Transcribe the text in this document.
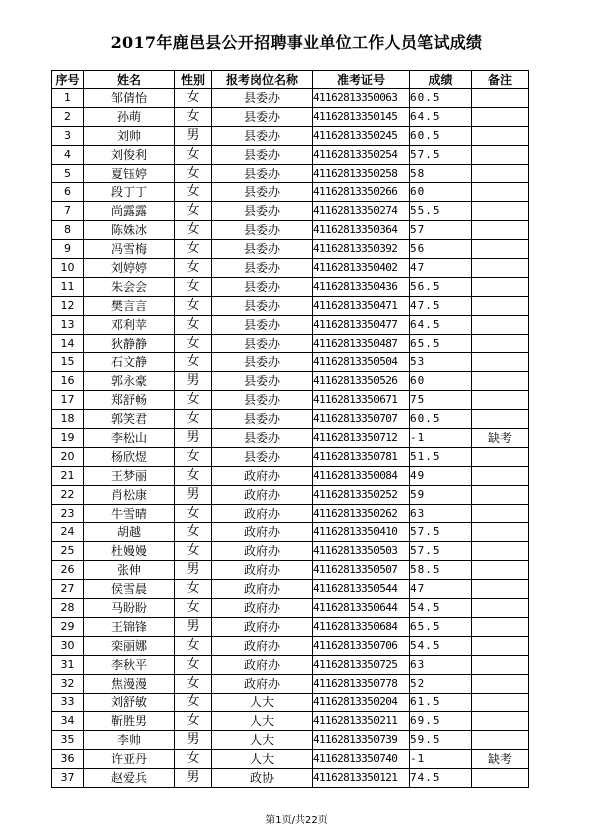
2017年鹿邑县公开招聘事业单位工作人员笔试成绩
序号	姓名	性别	报考岗位名称	准考证号	成绩	备注
1	邹倩怡	女	县委办	41162813350063	60.5	
2	孙萌	女	县委办	41162813350145	64.5	
3	刘帅	男	县委办	41162813350245	60.5	
4	刘俊利	女	县委办	41162813350254	57.5	
5	夏钰婷	女	县委办	41162813350258	58	
6	段丁丁	女	县委办	41162813350266	60	
7	尚露露	女	县委办	41162813350274	55.5	
8	陈姝冰	女	县委办	41162813350364	57	
9	冯雪梅	女	县委办	41162813350392	56	
10	刘婷婷	女	县委办	41162813350402	47	
11	朱会会	女	县委办	41162813350436	56.5	
12	樊言言	女	县委办	41162813350471	47.5	
13	邓利苹	女	县委办	41162813350477	64.5	
14	狄静静	女	县委办	41162813350487	65.5	
15	石文静	女	县委办	41162813350504	53	
16	郭永豪	男	县委办	41162813350526	60	
17	郑舒畅	女	县委办	41162813350671	75	
18	郭笑君	女	县委办	41162813350707	60.5	
19	李松山	男	县委办	41162813350712	-1	缺考
20	杨欣煜	女	县委办	41162813350781	51.5	
21	王梦丽	女	政府办	41162813350084	49	
22	肖松康	男	政府办	41162813350252	59	
23	牛雪晴	女	政府办	41162813350262	63	
24	胡越	女	政府办	41162813350410	57.5	
25	杜嫚嫚	女	政府办	41162813350503	57.5	
26	张伸	男	政府办	41162813350507	58.5	
27	侯雪晨	女	政府办	41162813350544	47	
28	马盼盼	女	政府办	41162813350644	54.5	
29	王锦锋	男	政府办	41162813350684	65.5	
30	栾丽娜	女	政府办	41162813350706	54.5	
31	李秋平	女	政府办	41162813350725	63	
32	焦漫漫	女	政府办	41162813350778	52	
33	刘舒敏	女	人大	41162813350204	61.5	
34	靳胜男	女	人大	41162813350211	69.5	
35	李帅	男	人大	41162813350739	59.5	
36	许亚丹	女	人大	41162813350740	-1	缺考
37	赵爱兵	男	政协	41162813350121	74.5	
第1页/共22页
